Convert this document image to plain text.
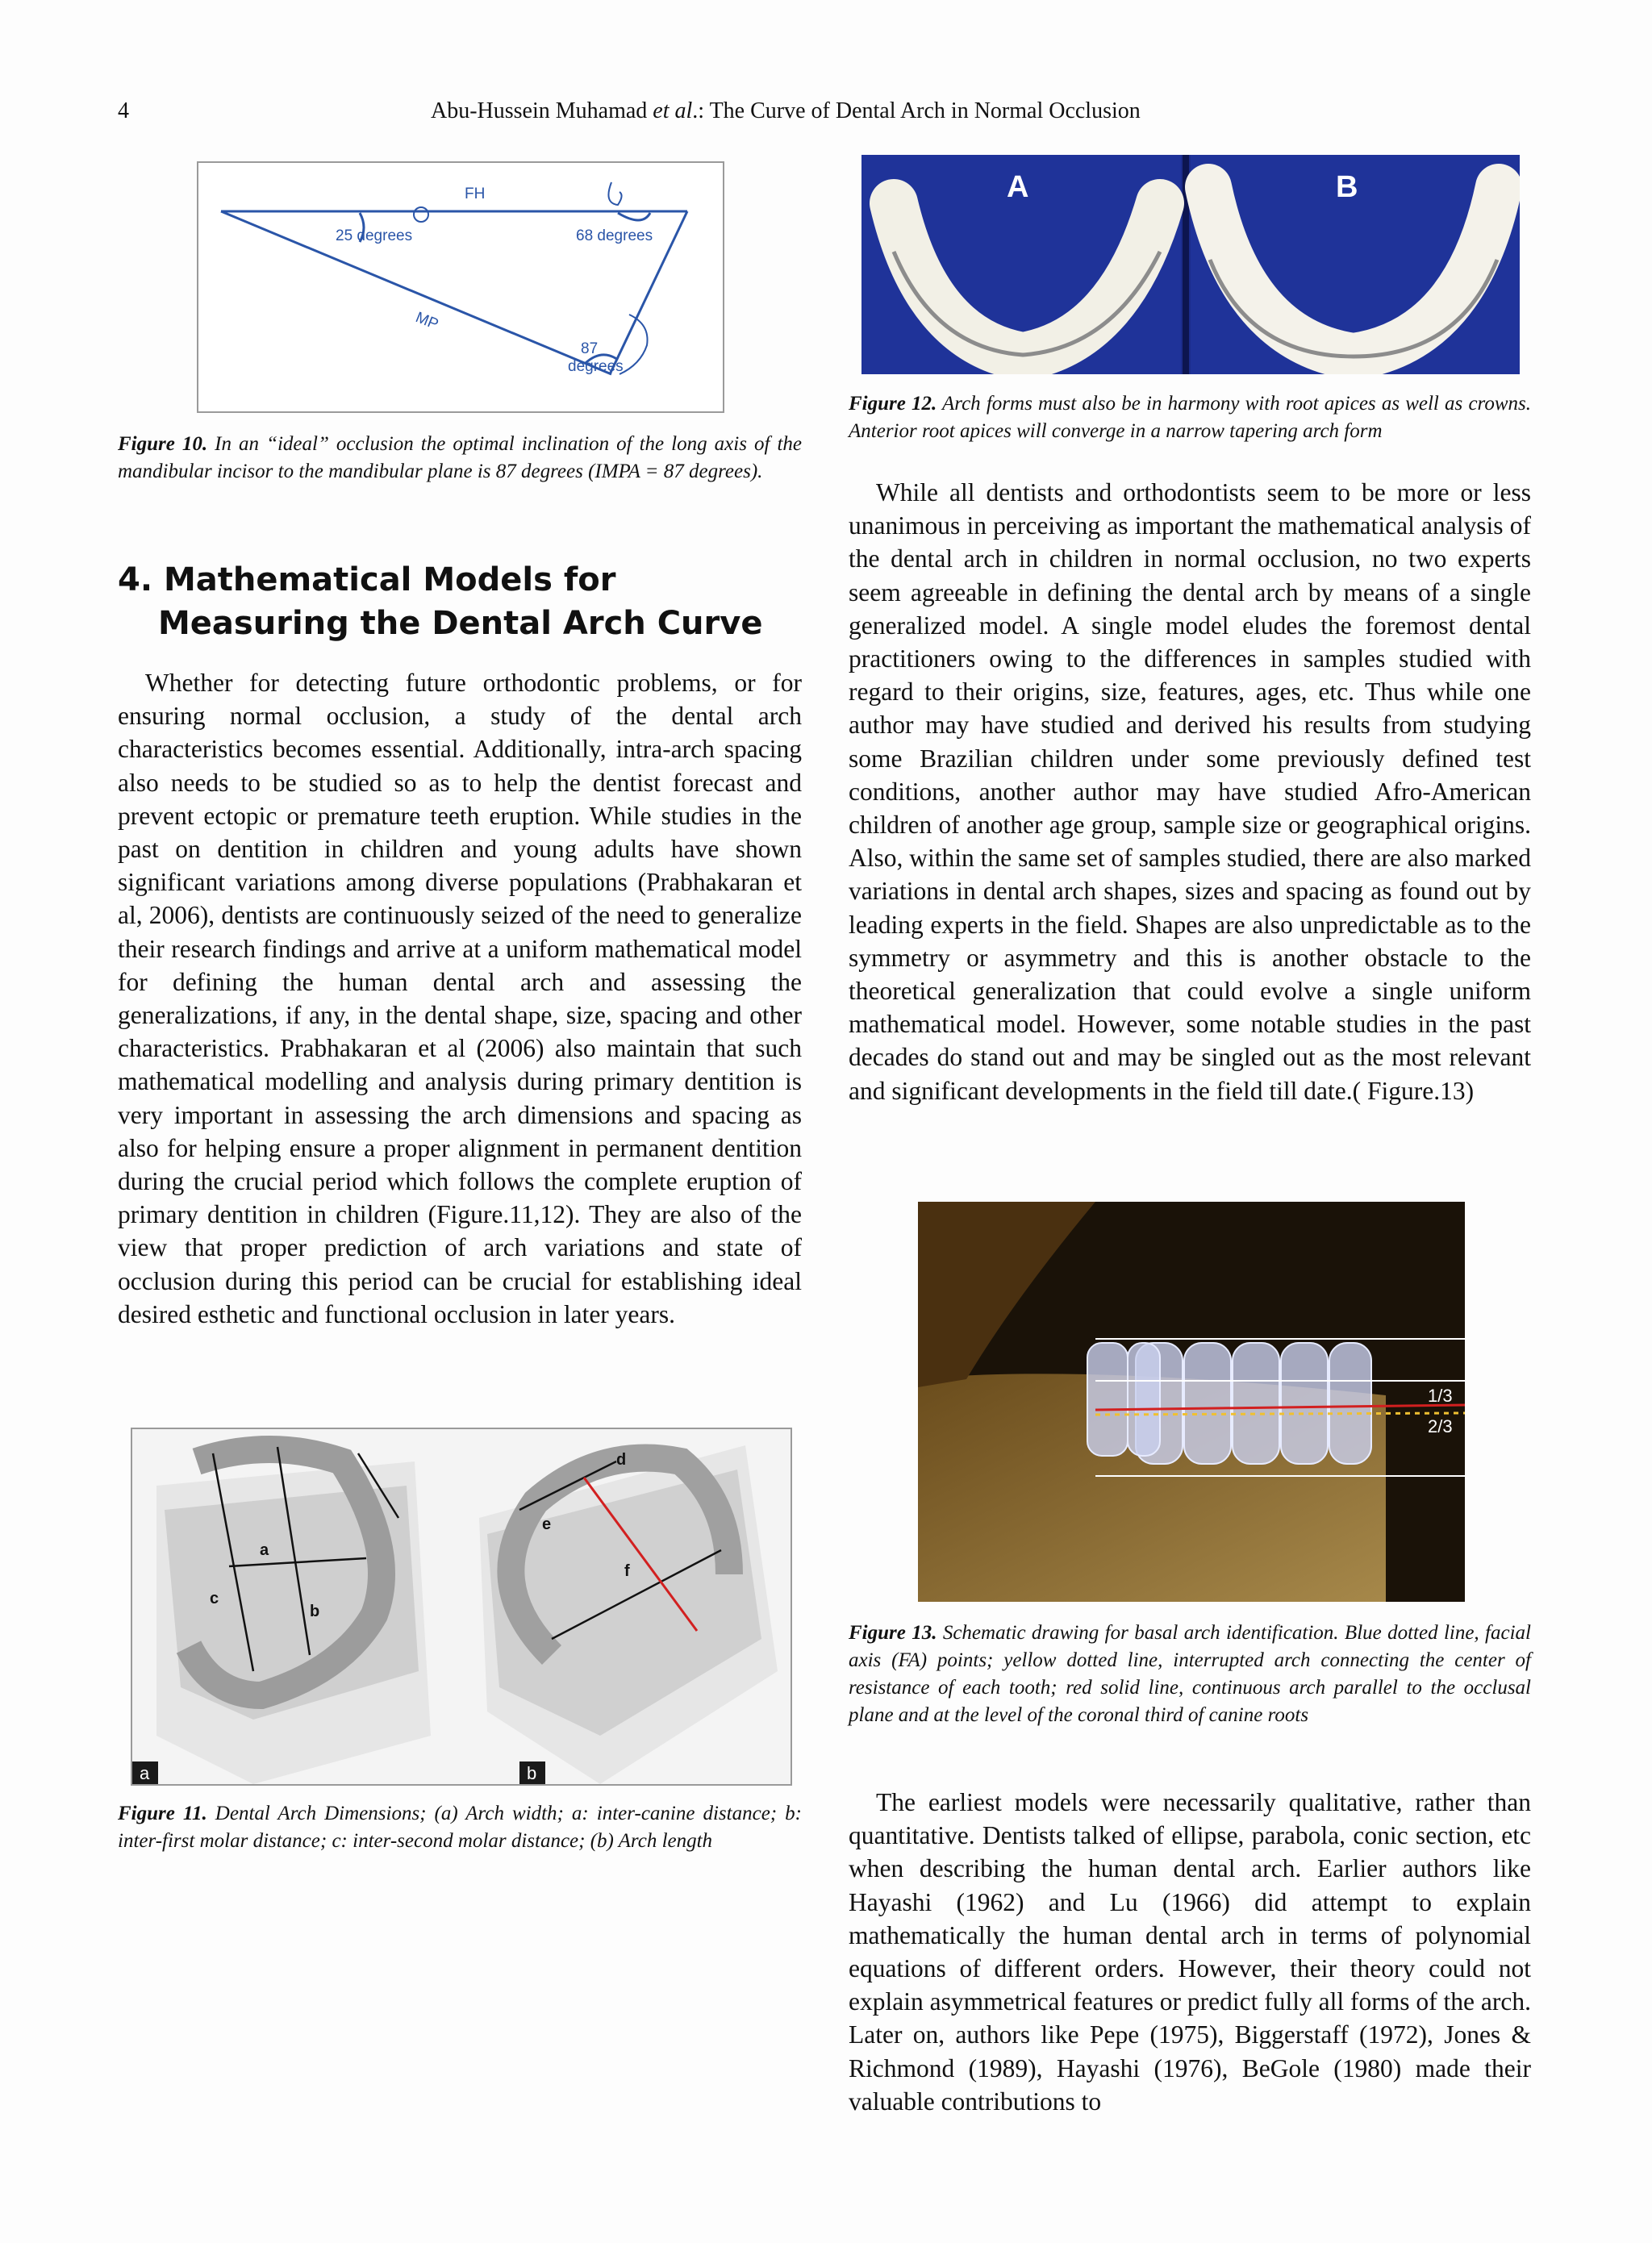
4	Abu-Hussein Muhamad et al.: The Curve of Dental Arch in Normal Occlusion
FH
25 degrees	68 degrees
MP
87
degrees
Figure 10. In an “ideal” occlusion the optimal inclination of the long axis of the mandibular incisor to the mandibular plane is 87 degrees (IMPA = 87 degrees).
4. Mathematical Models for
Measuring the Dental Arch Curve

Whether for detecting future orthodontic problems, or for ensuring normal occlusion, a study of the dental arch characteristics becomes essential. Additionally, intra-arch spacing also needs to be studied so as to help the dentist forecast and prevent ectopic or premature teeth eruption. While studies in the past on dentition in children and young adults have shown significant variations among diverse populations (Prabhakaran et al, 2006), dentists are continuously seized of the need to generalize their research findings and arrive at a uniform mathematical model for defining the human dental arch and assessing the generalizations, if any, in the dental shape, size, spacing and other characteristics. Prabhakaran et al (2006) also maintain that such mathematical modelling and analysis during primary dentition is very important in assessing the arch dimensions and spacing as also for helping ensure a proper alignment in permanent dentition during the crucial period which follows the complete eruption of primary dentition in children (Figure.11,12). They are also of the view that proper prediction of arch variations and state of occlusion during this period can be crucial for establishing ideal desired esthetic and functional occlusion in later years.

a
b
c
d
e
f
a	b
Figure 11. Dental Arch Dimensions; (a) Arch width; a: inter-canine distance; b: inter-first molar distance; c: inter-second molar distance; (b) Arch length
A	B
Figure 12. Arch forms must also be in harmony with root apices as well as crowns. Anterior root apices will converge in a narrow tapering arch form

While all dentists and orthodontists seem to be more or less unanimous in perceiving as important the mathematical analysis of the dental arch in children in normal occlusion, no two experts seem agreeable in defining the dental arch by means of a single generalized model. A single model eludes the foremost dental practitioners owing to the differences in samples studied with regard to their origins, size, features, ages, etc. Thus while one author may have studied and derived his results from studying some Brazilian children under some previously defined test conditions, another author may have studied Afro-American children of another age group, sample size or geographical origins. Also, within the same set of samples studied, there are also marked variations in dental arch shapes, sizes and spacing as found out by leading experts in the field. Shapes are also unpredictable as to the symmetry or asymmetry and this is another obstacle to the theoretical generalization that could evolve a single uniform mathematical model. However, some notable studies in the past decades do stand out and may be singled out as the most relevant and significant developments in the field till date.( Figure.13)

1/3
2/3
Figure 13. Schematic drawing for basal arch identification. Blue dotted line, facial axis (FA) points; yellow dotted line, interrupted arch connecting the center of resistance of each tooth; red solid line, continuous arch parallel to the occlusal plane and at the level of the coronal third of canine roots

The earliest models were necessarily qualitative, rather than quantitative. Dentists talked of ellipse, parabola, conic section, etc when describing the human dental arch. Earlier authors like Hayashi (1962) and Lu (1966) did attempt to explain mathematically the human dental arch in terms of polynomial equations of different orders. However, their theory could not explain asymmetrical features or predict fully all forms of the arch. Later on, authors like Pepe (1975), Biggerstaff (1972), Jones & Richmond (1989), Hayashi (1976), BeGole (1980) made their valuable contributions to
